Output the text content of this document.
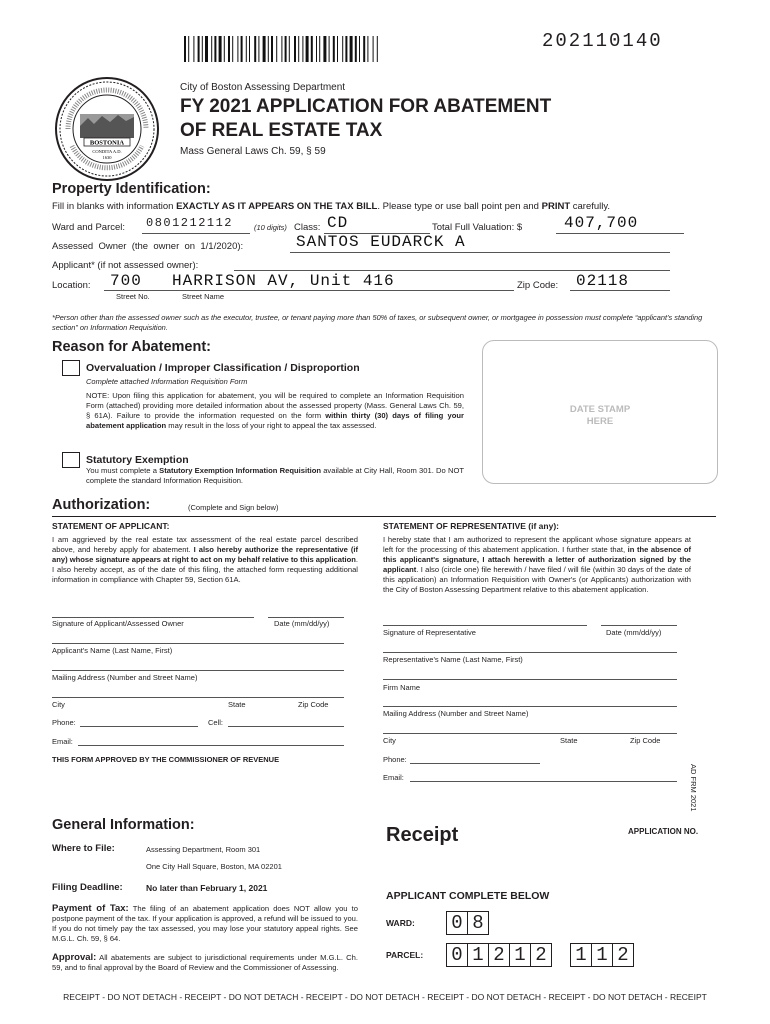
202110140
BOSTONIA
CONDITA A.D.
1630
City of Boston Assessing Department
FY 2021 APPLICATION FOR ABATEMENT
OF REAL ESTATE TAX
Mass General Laws Ch. 59, § 59
Property Identification:
Fill in blanks with information EXACTLY AS IT APPEARS ON THE TAX BILL. Please type or use ball point pen and PRINT carefully.
Ward and Parcel: 0801212112	(10 digits) Class: CD	Total Full Valuation: $	407,700
Assessed  Owner  (the  owner  on  1/1/2020):	SANTOS EUDARCK A
Applicant* (if not assessed owner):
Location: 700 HARRISON AV, Unit 416	Zip Code: 02118
Street No.	Street Name
*Person other than the assessed owner such as the executor, trustee, or tenant paying more than 50% of taxes, or subsequent owner, or mortgagee in possession must complete “applicant’s standing section” on Information Requisition.
Reason for Abatement:
Overvaluation / Improper Classification / Disproportion
Complete attached Information Requisition Form
NOTE: Upon filing this application for abatement, you will be required to complete an Information Requisition Form (attached) providing more detailed information about the assessed property (Mass. General Laws Ch. 59, § 61A). Failure to provide the information requested on the form within thirty (30) days of filing your abatement application may result in the loss of your right to appeal the tax assessed.
Statutory Exemption
You must complete a Statutory Exemption Information Requisition available at City Hall, Room 301. Do NOT complete the standard Information Requisition.
DATE STAMP
HERE
Authorization:	(Complete and Sign below)
STATEMENT OF APPLICANT:
I am aggrieved by the real estate tax assessment of the real estate parcel described above, and hereby apply for abatement. I also hereby authorize the representative (if any) whose signature appears at right to act on my behalf relative to this application. I also hereby accept, as of the date of this filing, the attached form requesting additional information in compliance with Chapter 59, Section 61A.
STATEMENT OF REPRESENTATIVE (if any):
I hereby state that I am authorized to represent the applicant whose signature appears at left for the processing of this abatement application. I further state that, in the absence of this applicant's signature, I attach herewith a letter of authorization signed by the applicant. I also (circle one) file herewith / have filed / will file (within 30 days of the date of this application) an Information Requisition with Owner's (or Applicants) authorization with the City of Boston Assessing Department relative to this abatement application.
Signature of Applicant/Assessed Owner	Date (mm/dd/yy)
Applicant's Name (Last Name, First)
Mailing Address (Number and Street Name)
City	State	Zip Code
Phone:	Cell:
Email:
THIS FORM APPROVED BY THE COMMISSIONER OF REVENUE
Signature of Representative	Date (mm/dd/yy)
Representative's Name (Last Name, First)
Firm Name
Mailing Address (Number and Street Name)
City	State	Zip Code
Phone:
Email:	AD FRM 2021
General Information:
Where to File:	Assessing Department, Room 301
One City Hall Square, Boston, MA 02201
Filing Deadline:	No later than February 1, 2021
Payment of Tax: The filing of an abatement application does NOT allow you to postpone payment of the tax. If your application is approved, a refund will be issued to you. If you do not timely pay the tax assessed, you may lose your statutory appeal rights. See M.G.L. Ch. 59, § 64.
Approval: All abatements are subject to jurisdictional requirements under M.G.L. Ch. 59, and to final approval by the Board of Review and the Commissioner of Assessing.
Receipt	APPLICATION NO.
APPLICANT COMPLETE BELOW
WARD: 0 8
PARCEL: 0 1 2 1 2 1 1 2
RECEIPT - DO NOT DETACH - RECEIPT - DO NOT DETACH - RECEIPT - DO NOT DETACH - RECEIPT - DO NOT DETACH - RECEIPT - DO NOT DETACH - RECEIPT
